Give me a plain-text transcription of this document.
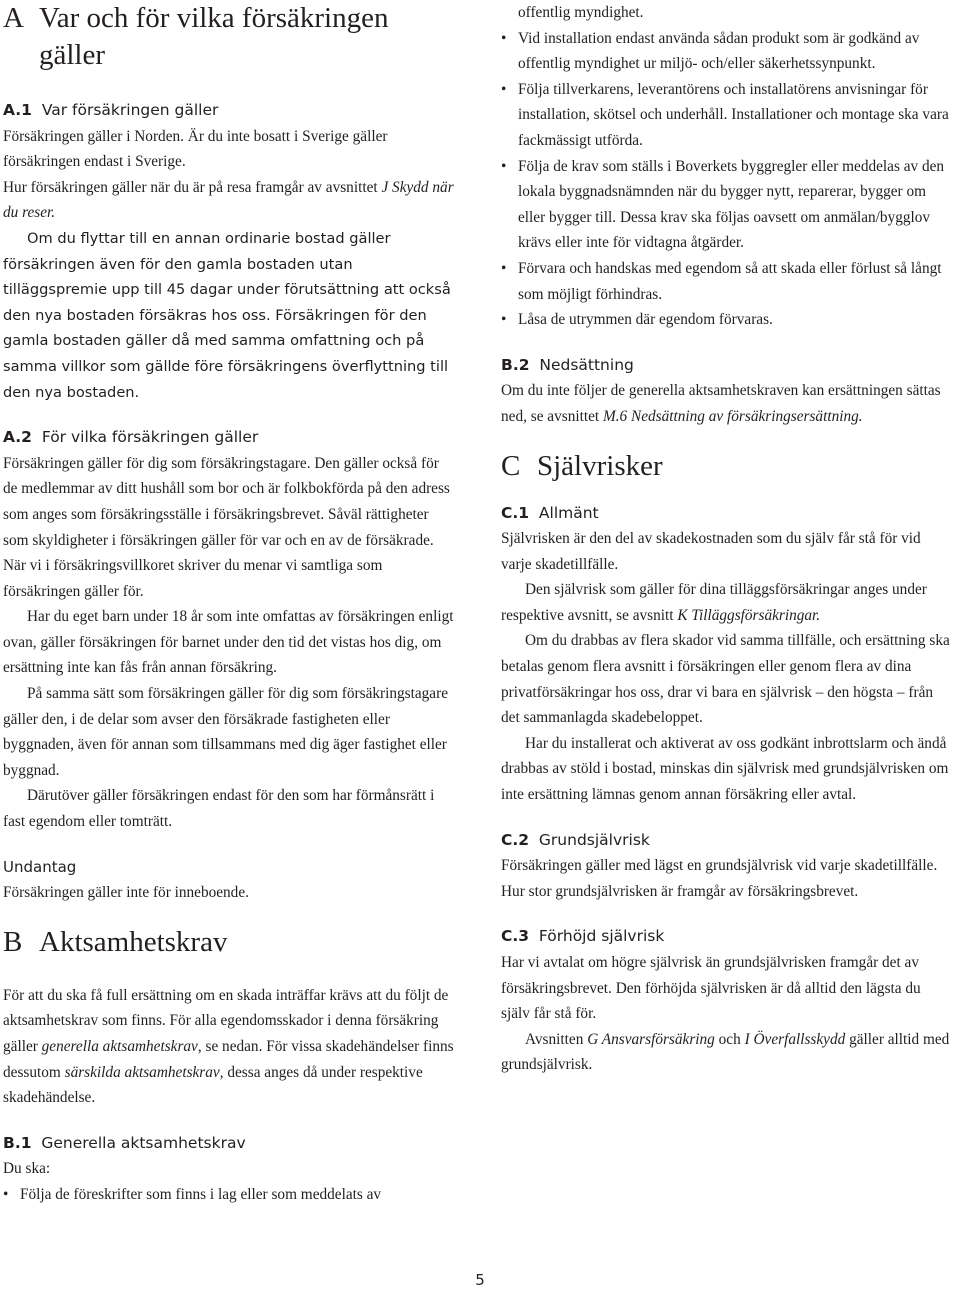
A Var och för vilka försäkringen gäller
A.1 Var försäkringen gäller

Försäkringen gäller i Norden. Är du inte bosatt i Sverige gäller försäkringen endast i Sverige.

Hur försäkringen gäller när du är på resa framgår av avsnittet J Skydd när du reser.

Om du flyttar till en annan ordinarie bostad gäller försäkringen även för den gamla bostaden utan tilläggspremie upp till 45 dagar under förutsättning att också den nya bostaden försäkras hos oss. Försäkringen för den gamla bostaden gäller då med samma omfattning och på samma villkor som gällde före försäkringens överflyttning till den nya bostaden.

A.2 För vilka försäkringen gäller

Försäkringen gäller för dig som försäkringstagare. Den gäller också för de medlemmar av ditt hushåll som bor och är folkbokförda på den adress som anges som försäkringsställe i försäkringsbrevet. Såväl rättigheter som skyldigheter i försäkringen gäller för var och en av de försäkrade. När vi i försäkringsvillkoret skriver du menar vi samtliga som försäkringen gäller för.

Har du eget barn under 18 år som inte omfattas av försäkringen enligt ovan, gäller försäkringen för barnet under den tid det vistas hos dig, om ersättning inte kan fås från annan försäkring.

På samma sätt som försäkringen gäller för dig som försäkringstagare gäller den, i de delar som avser den försäkrade fastigheten eller byggnaden, även för annan som tillsammans med dig äger fastighet eller byggnad.

Därutöver gäller försäkringen endast för den som har förmånsrätt i fast egendom eller tomträtt.

Undantag

Försäkringen gäller inte för inneboende.

B Aktsamhetskrav

För att du ska få full ersättning om en skada inträffar krävs att du följt de aktsamhetskrav som finns. För alla egendomsskador i denna försäkring gäller generella aktsamhetskrav, se nedan. För vissa skadehändelser finns dessutom särskilda aktsamhetskrav, dessa anges då under respektive skadehändelse.

B.1 Generella aktsamhetskrav

Du ska:

• Följa de föreskrifter som finns i lag eller som meddelats av

offentlig myndighet.

• Vid installation endast använda sådan produkt som är godkänd av offentlig myndighet ur miljö- och/eller säkerhetssynpunkt.
• Följa tillverkarens, leverantörens och installatörens anvisningar för installation, skötsel och underhåll. Installationer och montage ska vara fackmässigt utförda.
• Följa de krav som ställs i Boverkets byggregler eller meddelas av den lokala byggnadsnämnden när du bygger nytt, reparerar, bygger om eller bygger till. Dessa krav ska följas oavsett om anmälan/bygglov krävs eller inte för vidtagna åtgärder.
• Förvara och handskas med egendom så att skada eller förlust så långt som möjligt förhindras.
• Låsa de utrymmen där egendom förvaras.
B.2 Nedsättning

Om du inte följer de generella aktsamhetskraven kan ersättningen sättas ned, se avsnittet M.6 Nedsättning av försäkringsersättning.

C Självrisker
C.1 Allmänt

Självrisken är den del av skadekostnaden som du själv får stå för vid varje skadetillfälle.

Den självrisk som gäller för dina tilläggsförsäkringar anges under respektive avsnitt, se avsnitt K Tilläggsförsäkringar.

Om du drabbas av flera skador vid samma tillfälle, och ersättning ska betalas genom flera avsnitt i försäkringen eller genom flera av dina privatförsäkringar hos oss, drar vi bara en självrisk – den högsta – från det sammanlagda skadebeloppet.

Har du installerat och aktiverat av oss godkänt inbrottslarm och ändå drabbas av stöld i bostad, minskas din självrisk med grundsjälvrisken om inte ersättning lämnas genom annan försäkring eller avtal.

C.2 Grundsjälvrisk

Försäkringen gäller med lägst en grundsjälvrisk vid varje skadetillfälle. Hur stor grundsjälvrisken är framgår av försäkringsbrevet.

C.3 Förhöjd självrisk

Har vi avtalat om högre självrisk än grundsjälvrisken framgår det av försäkringsbrevet. Den förhöjda självrisken är då alltid den lägsta du själv får stå för.

Avsnitten G Ansvarsförsäkring och I Överfallsskydd gäller alltid med grundsjälvrisk.

5
